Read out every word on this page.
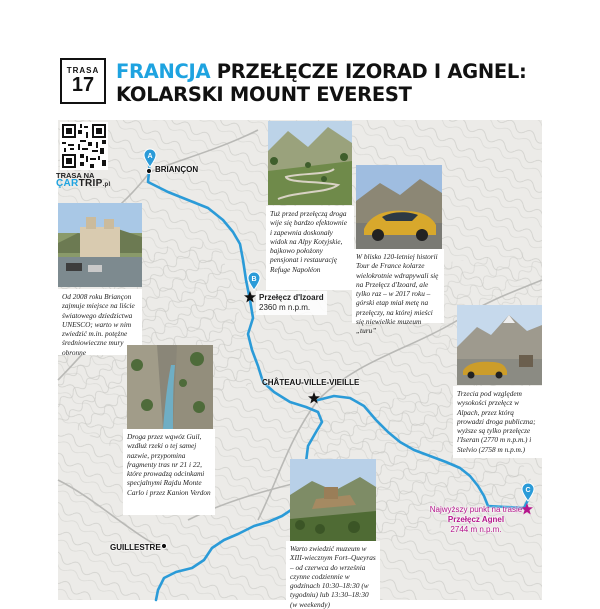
TRASA
17
FRANCJA PRZEŁĘCZE IZORAD I AGNEL: KOLARSKI MOUNT EVEREST
A
B
C
TRASA NA
ÇARTRIP.pl
BRIANÇON
CHÂTEAU-VILLE-VIEILLE
GUILLESTRE
Przełęcz d'Izoard
2360 m n.p.m.
Najwyższy punkt na trasie
Przełęcz Agnel
2744 m n.p.m.
Od 2008 roku Briançon zajmuje miejsce na liście światowego dziedzictwa UNESCO; warto w nim zwiedzić m.in. potężne średniowieczne mury obronne
Tuż przed przełęczą droga wije się bardzo efektownie i zapewnia doskonały widok na Alpy Kotyjskie, bajkowo położony pensjonat i restaurację Refuge Napoléon
W blisko 120-letniej historii Tour de France kolarze wielokrotnie wdrapywali się na Przełęcz d'Izoard, ale tylko raz – w 2017 roku – górski etap miał metę na przełęczy, na której mieści się niewielkie muzeum „turu”
Droga przez wąwóz Guil, wzdłuż rzeki o tej samej nazwie, przypomina fragmenty tras nr 21 i 22, które prowadzą odcinkami specjalnymi Rajdu Monte Carlo i przez Kanion Verdon
Trzecia pod względem wysokości przełęcz w Alpach, przez którą prowadzi droga publiczna; wyższe są tylko przełęcze l'Iseran (2770 m n.p.m.) i Stelvio (2758 m n.p.m.)
Warto zwiedzić muzeum w XIII-wiecznym Fort–Queyras – od czerwca do września czynne codziennie w godzinach 10:30–18:30 (w tygodniu) lub 13:30–18:30 (w weekendy)
